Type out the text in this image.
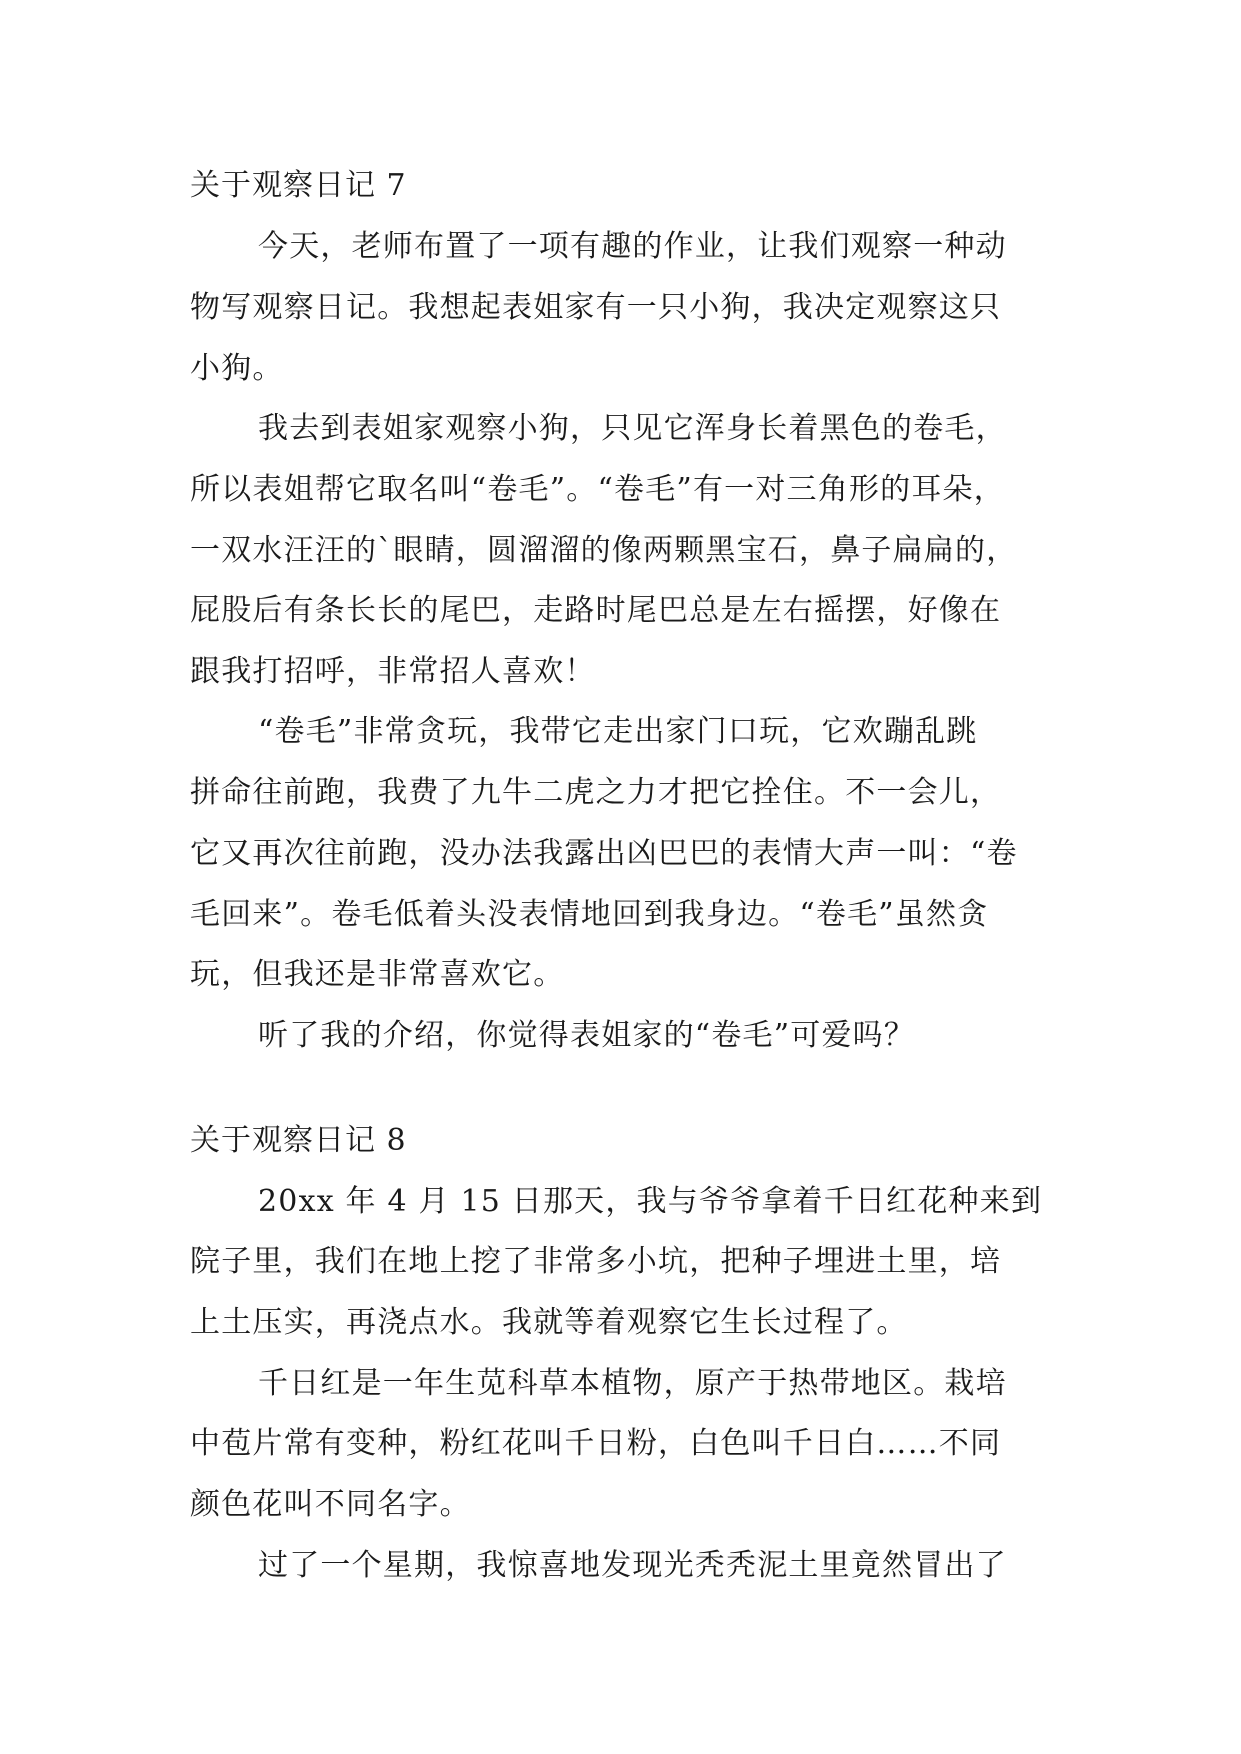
关于观察日记 7
今天，老师布置了一项有趣的作业，让我们观察一种动
物写观察日记。我想起表姐家有一只小狗，我决定观察这只
小狗。
我去到表姐家观察小狗，只见它浑身长着黑色的卷毛，
所以表姐帮它取名叫“卷毛”。“卷毛”有一对三角形的耳朵，
一双水汪汪的`眼睛，圆溜溜的像两颗黑宝石，鼻子扁扁的，
屁股后有条长长的尾巴，走路时尾巴总是左右摇摆，好像在
跟我打招呼，非常招人喜欢！
“卷毛”非常贪玩，我带它走出家门口玩，它欢蹦乱跳
拼命往前跑，我费了九牛二虎之力才把它拴住。不一会儿，
它又再次往前跑，没办法我露出凶巴巴的表情大声一叫：“卷
毛回来”。卷毛低着头没表情地回到我身边。“卷毛”虽然贪
玩，但我还是非常喜欢它。
听了我的介绍，你觉得表姐家的“卷毛”可爱吗？
关于观察日记 8
20xx 年 4 月 15 日那天，我与爷爷拿着千日红花种来到
院子里，我们在地上挖了非常多小坑，把种子埋进土里，培
上土压实，再浇点水。我就等着观察它生长过程了。
千日红是一年生苋科草本植物，原产于热带地区。栽培
中苞片常有变种，粉红花叫千日粉，白色叫千日白……不同
颜色花叫不同名字。
过了一个星期，我惊喜地发现光秃秃泥土里竟然冒出了
